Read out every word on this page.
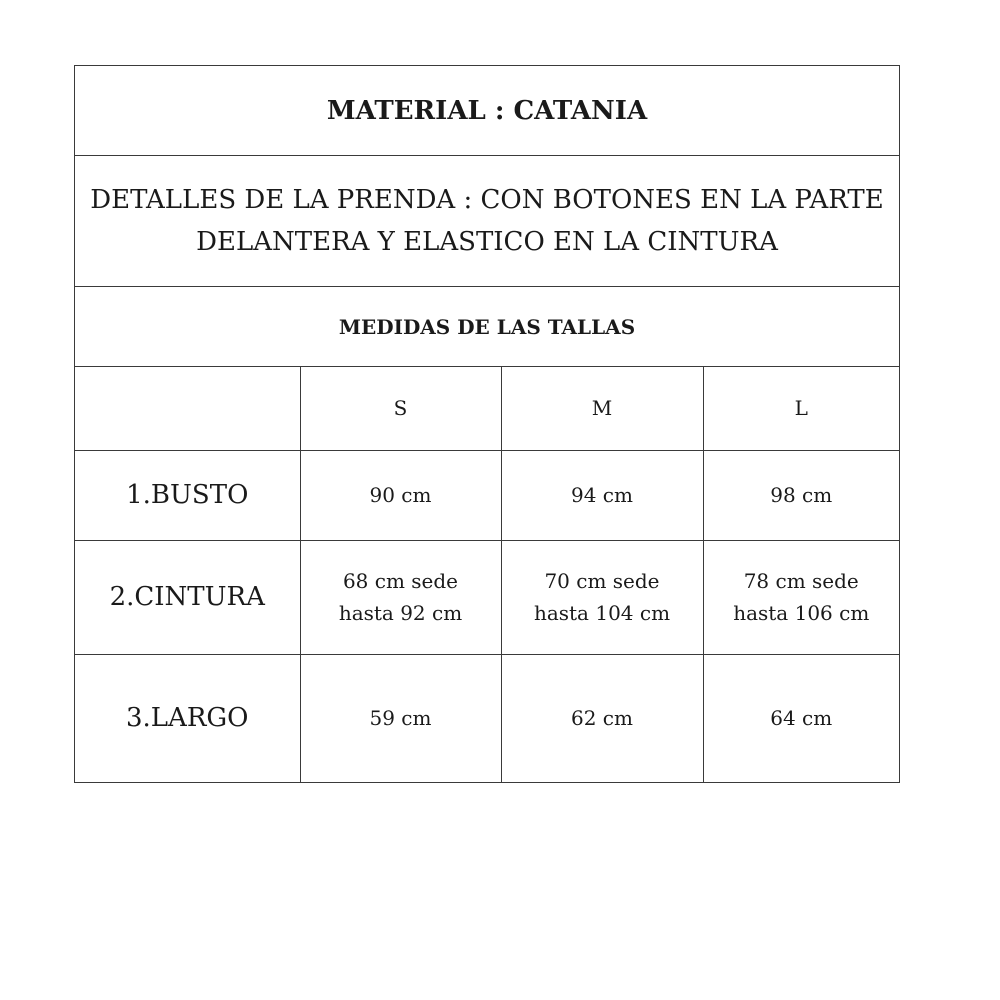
MATERIAL : CATANIA
DETALLES DE LA PRENDA : CON BOTONES EN LA PARTE
DELANTERA Y ELASTICO EN LA CINTURA
MEDIDAS DE LAS TALLAS
	S	M	L
1.BUSTO	90 cm	94 cm	98 cm

2.CINTURA	68 cm sede
hasta 92 cm	70 cm sede
hasta 104 cm	78 cm sede
hasta 106 cm

3.LARGO	59 cm	62 cm	64 cm
